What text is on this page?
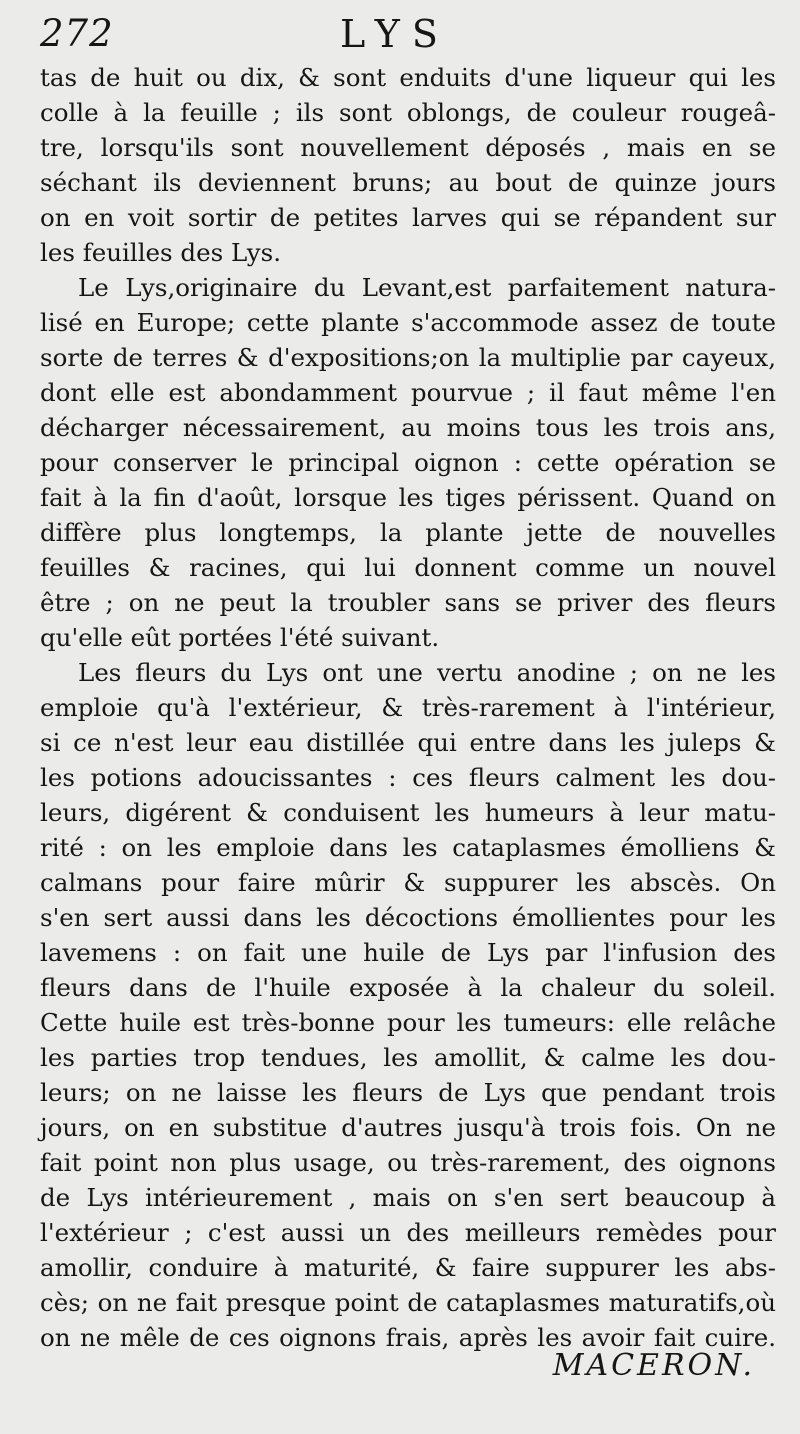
272	LYS
tas de huit ou dix, & sont enduits d'une liqueur qui les
colle à la feuille ; ils sont oblongs, de couleur rougeâ-
tre, lorsqu'ils sont nouvellement déposés , mais en se
séchant ils deviennent bruns; au bout de quinze jours
on en voit sortir de petites larves qui se répandent sur
les feuilles des Lys.
Le Lys,originaire du Levant,est parfaitement natura-
lisé en Europe; cette plante s'accommode assez de toute
sorte de terres & d'expositions;on la multiplie par cayeux,
dont elle est abondamment pourvue ; il faut même l'en
décharger nécessairement, au moins tous les trois ans,
pour conserver le principal oignon : cette opération se
fait à la fin d'août, lorsque les tiges périssent. Quand on
diffère plus longtemps, la plante jette de nouvelles
feuilles & racines, qui lui donnent comme un nouvel
être ; on ne peut la troubler sans se priver des fleurs
qu'elle eût portées l'été suivant.
Les fleurs du Lys ont une vertu anodine ; on ne les
emploie qu'à l'extérieur, & très-rarement à l'intérieur,
si ce n'est leur eau distillée qui entre dans les juleps &
les potions adoucissantes : ces fleurs calment les dou-
leurs, digérent & conduisent les humeurs à leur matu-
rité : on les emploie dans les cataplasmes émolliens &
calmans pour faire mûrir & suppurer les abscès. On
s'en sert aussi dans les décoctions émollientes pour les
lavemens : on fait une huile de Lys par l'infusion des
fleurs dans de l'huile exposée à la chaleur du soleil.
Cette huile est très-bonne pour les tumeurs: elle relâche
les parties trop tendues, les amollit, & calme les dou-
leurs; on ne laisse les fleurs de Lys que pendant trois
jours, on en substitue d'autres jusqu'à trois fois. On ne
fait point non plus usage, ou très-rarement, des oignons
de Lys intérieurement , mais on s'en sert beaucoup à
l'extérieur ; c'est aussi un des meilleurs remèdes pour
amollir, conduire à maturité, & faire suppurer les abs-
cès; on ne fait presque point de cataplasmes maturatifs,où
on ne mêle de ces oignons frais, après les avoir fait cuire.
MACERON.
